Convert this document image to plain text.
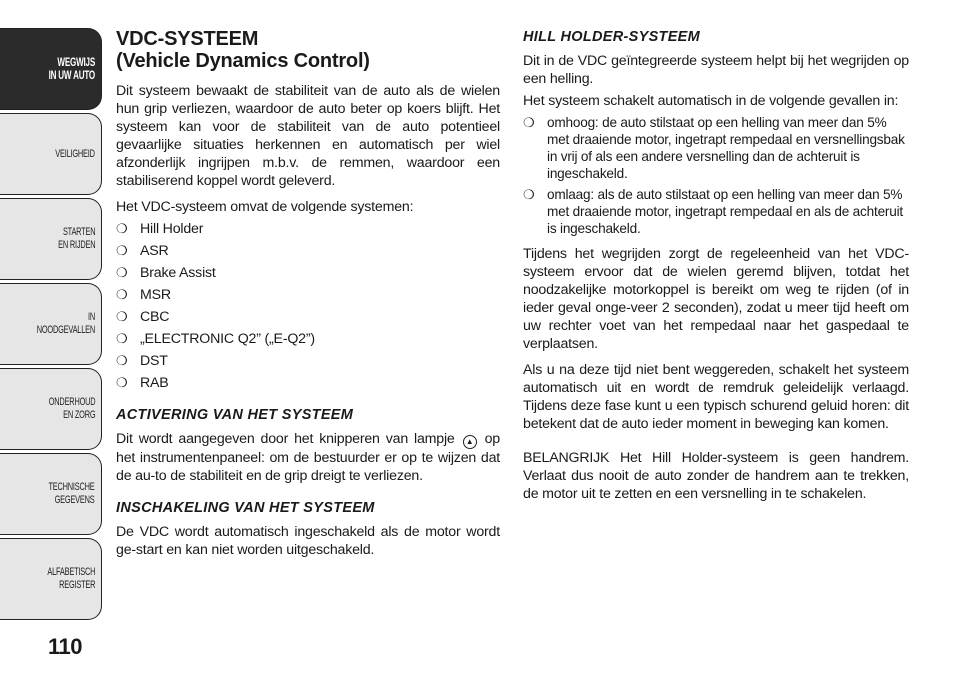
WEGWIJS
IN UW AUTO
VEILIGHEID
STARTEN
EN RIJDEN
IN NOODGEVALLEN
ONDERHOUD
EN ZORG
TECHNISCHE
GEGEVENS
ALFABETISCH
REGISTER
110
VDC-SYSTEEM
(Vehicle Dynamics Control)

Dit systeem bewaakt de stabiliteit van de auto als de wielen hun grip verliezen, waardoor de auto beter op koers blijft. Het systeem kan voor de stabiliteit van de auto potentieel gevaarlijke situaties herkennen en automatisch per wiel afzonderlijk ingrijpen m.b.v. de remmen, waardoor een stabiliserend koppel wordt geleverd.

Het VDC-systeem omvat de volgende systemen:

❍ Hill Holder
❍ ASR
❍ Brake Assist
❍ MSR
❍ CBC
❍ „ELECTRONIC Q2” („E-Q2”)
❍ DST
❍ RAB
ACTIVERING VAN HET SYSTEEM

Dit wordt aangegeven door het knipperen van lampje ▲ op het instrumentenpaneel: om de bestuurder er op te wijzen dat de au-to de stabiliteit en de grip dreigt te verliezen.

INSCHAKELING VAN HET SYSTEEM

De VDC wordt automatisch ingeschakeld als de motor wordt ge-start en kan niet worden uitgeschakeld.

HILL HOLDER-SYSTEEM

Dit in de VDC geïntegreerde systeem helpt bij het wegrijden op een helling.

Het systeem schakelt automatisch in de volgende gevallen in:

❍ omhoog: de auto stilstaat op een helling van meer dan 5% met draaiende motor, ingetrapt rempedaal en versnellingsbak in vrij of als een andere versnelling dan de achteruit is ingeschakeld.
❍ omlaag: als de auto stilstaat op een helling van meer dan 5% met draaiende motor, ingetrapt rempedaal en als de achteruit is ingeschakeld.

Tijdens het wegrijden zorgt de regeleenheid van het VDC-systeem ervoor dat de wielen geremd blijven, totdat het noodzakelijke motorkoppel is bereikt om weg te rijden (of in ieder geval onge-veer 2 seconden), zodat u meer tijd heeft om uw rechter voet van het rempedaal naar het gaspedaal te verplaatsen.

Als u na deze tijd niet bent weggereden, schakelt het systeem automatisch uit en wordt de remdruk geleidelijk verlaagd. Tijdens deze fase kunt u een typisch schurend geluid horen: dit betekent dat de auto ieder moment in beweging kan komen.

BELANGRIJK Het Hill Holder-systeem is geen handrem. Verlaat dus nooit de auto zonder de handrem aan te trekken, de motor uit te zetten en een versnelling in te schakelen.
